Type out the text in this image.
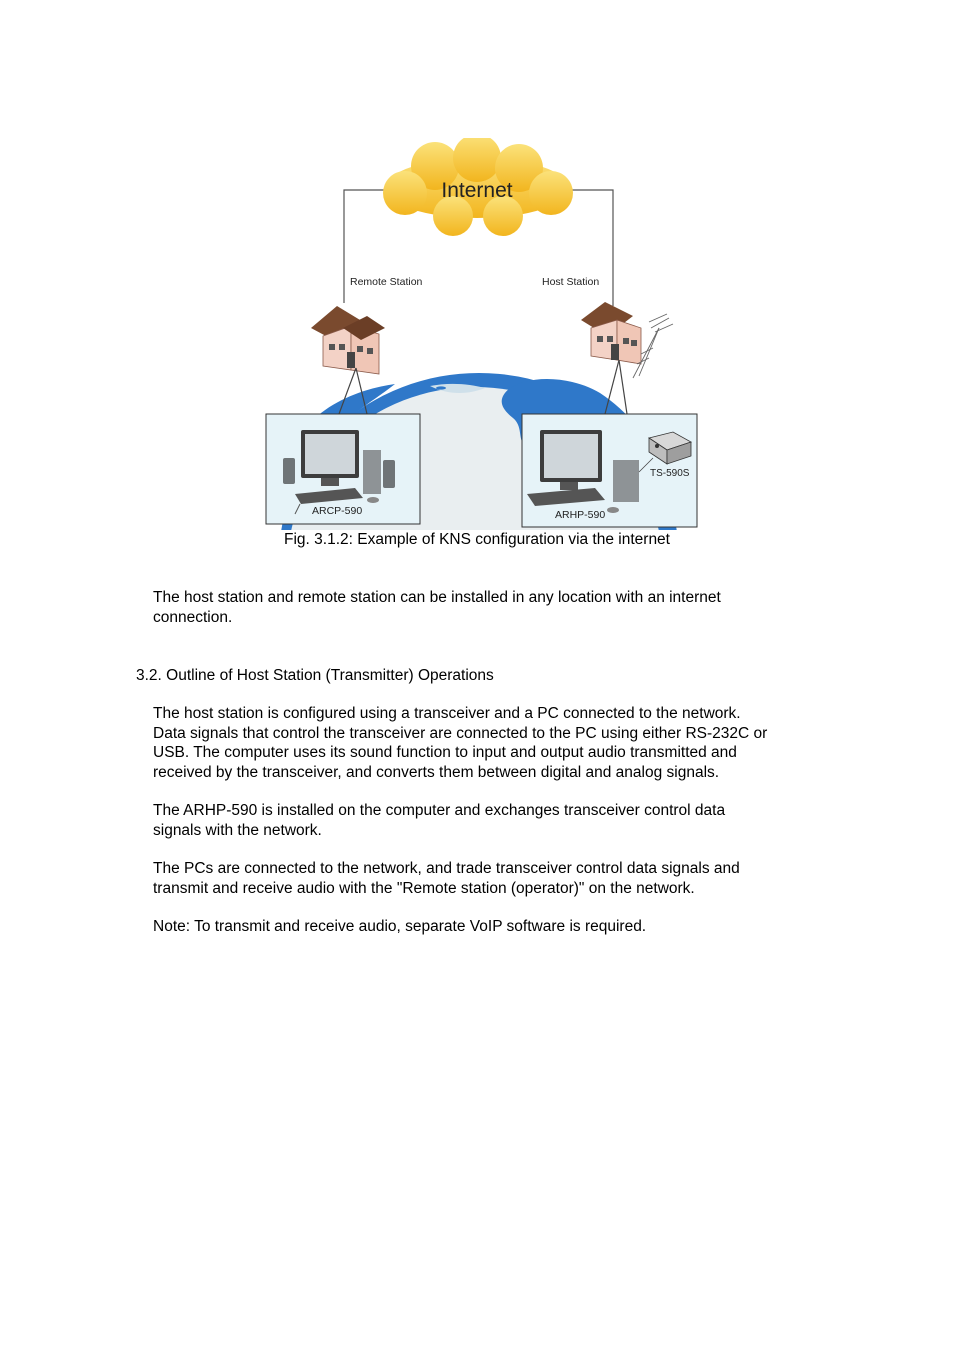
Internet
Remote Station	Host Station
ARCP-590
TS-590S
ARHP-590
Fig. 3.1.2: Example of KNS configuration via the internet

The host station and remote station can be installed in any location with an internet

connection.

3.2. Outline of Host Station (Transmitter) Operations

The host station is configured using a transceiver and a PC connected to the network.

Data signals that control the transceiver are connected to the PC using either RS-232C or

USB. The computer uses its sound function to input and output audio transmitted and

received by the transceiver, and converts them between digital and analog signals.

The ARHP-590 is installed on the computer and exchanges transceiver control data

signals with the network.

The PCs are connected to the network, and trade transceiver control data signals and

transmit and receive audio with the "Remote station (operator)" on the network.

Note: To transmit and receive audio, separate VoIP software is required.
